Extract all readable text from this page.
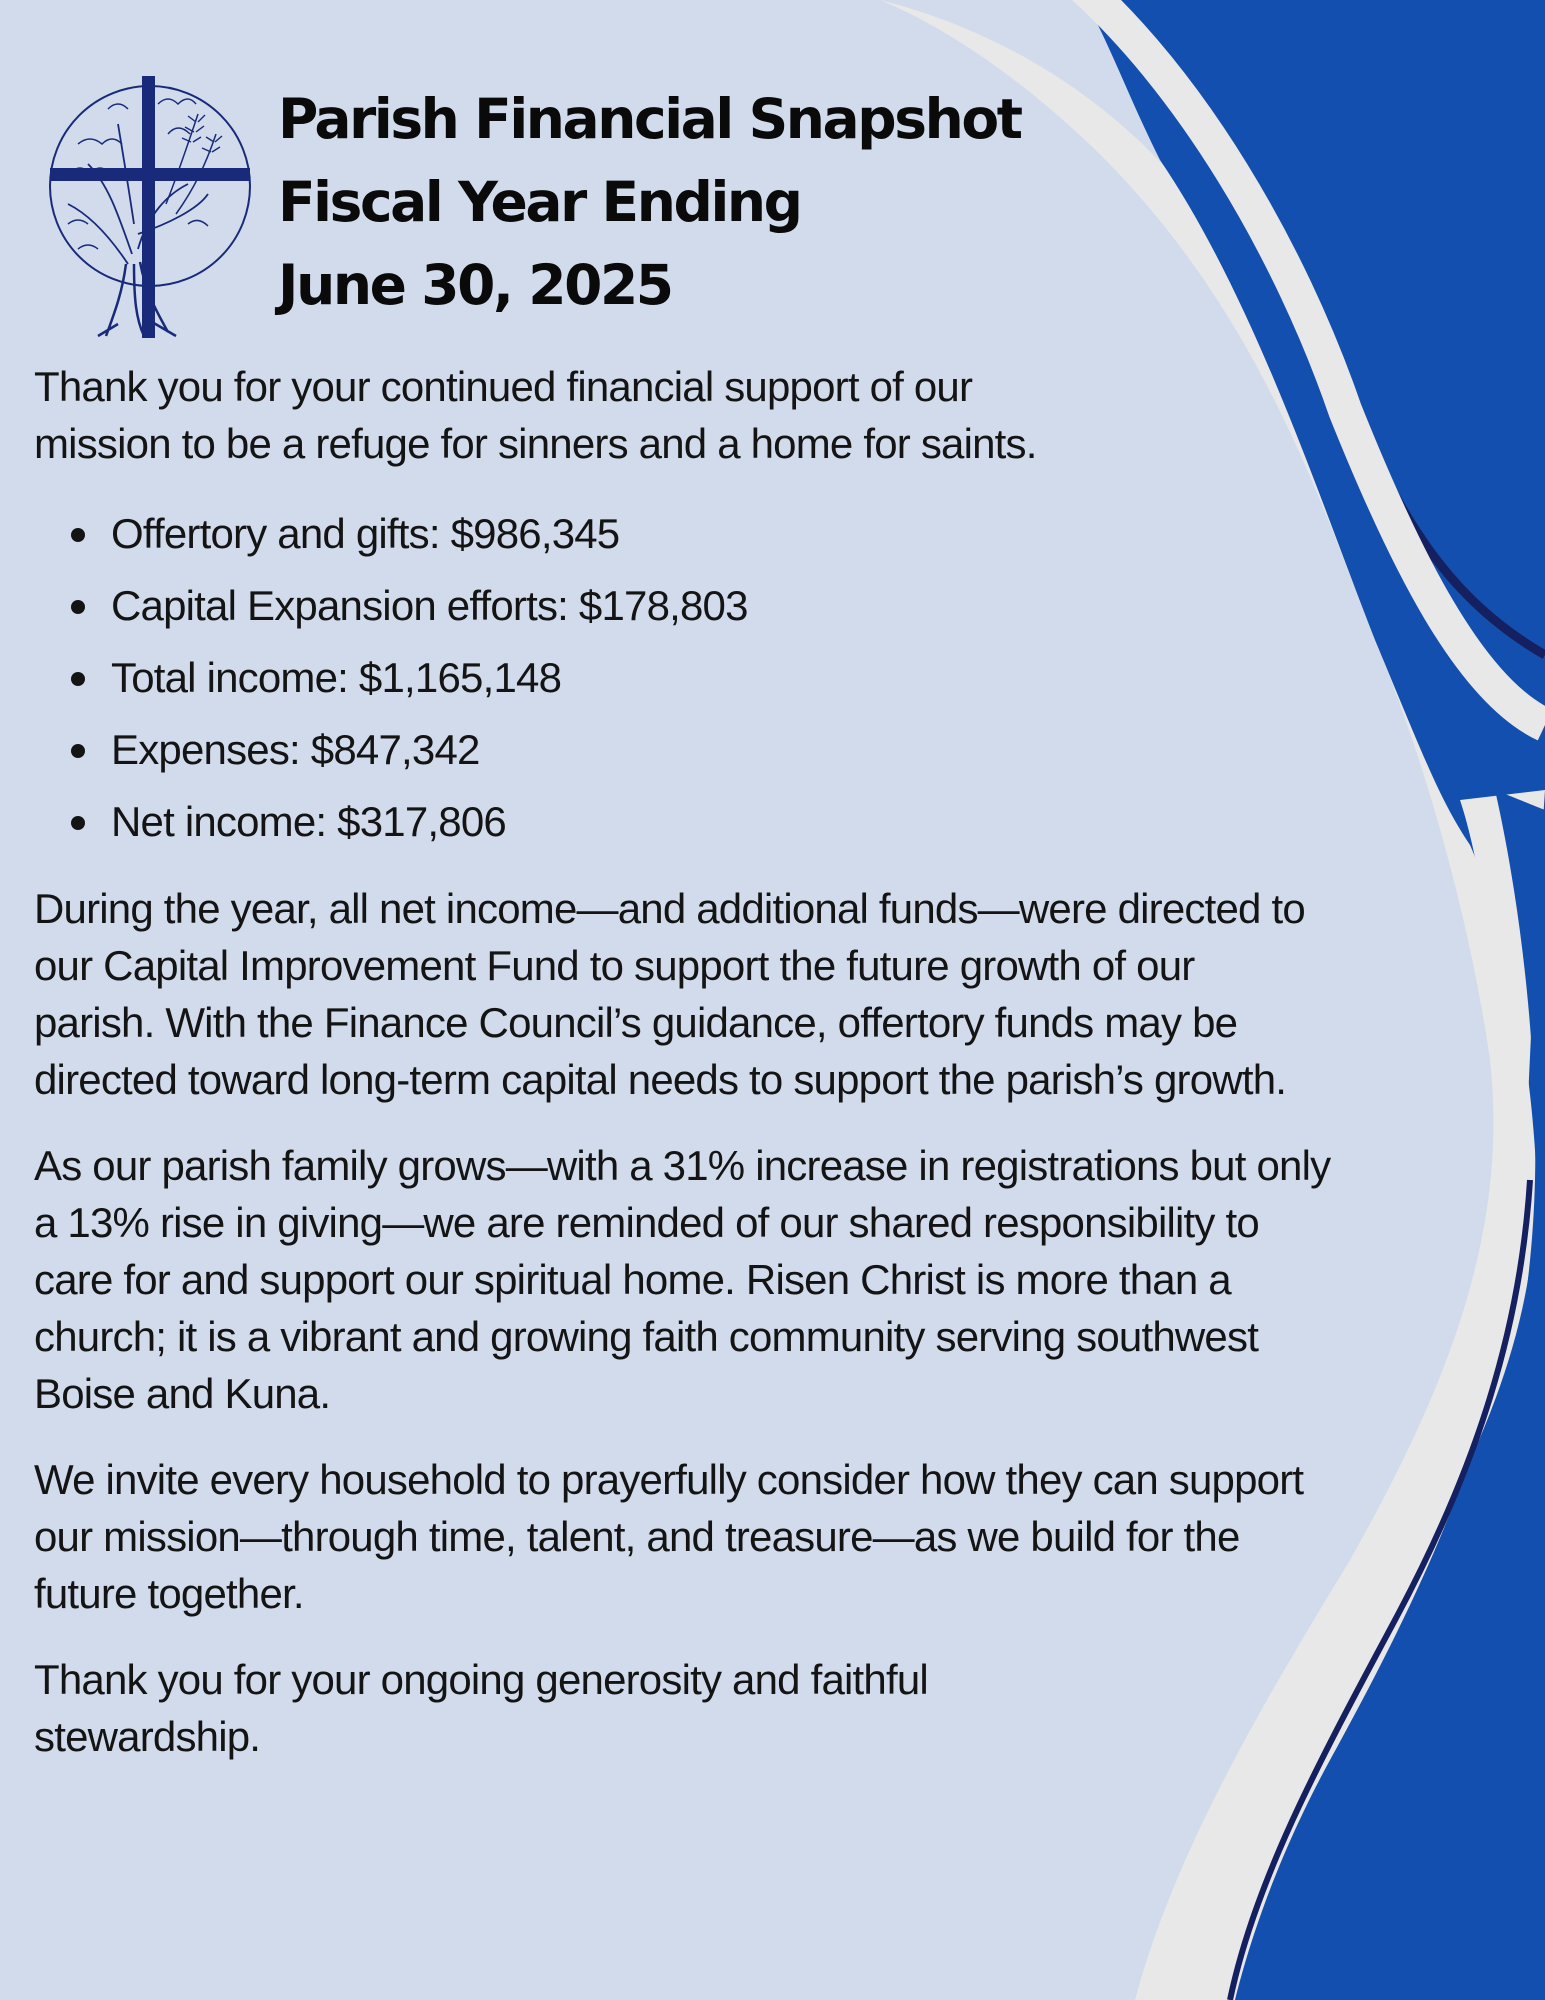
Parish Financial Snapshot
Fiscal Year Ending
June 30, 2025

Thank you for your continued financial support of our mission to be a refuge for sinners and a home for saints.

Offertory and gifts: $986,345
Capital Expansion efforts: $178,803
Total income: $1,165,148
Expenses: $847,342
Net income: $317,806

During the year, all net income—and additional funds—were directed to our Capital Improvement Fund to support the future growth of our parish. With the Finance Council’s guidance, offertory funds may be directed toward long-term capital needs to support the parish’s growth.

As our parish family grows—with a 31% increase in registrations but only a 13% rise in giving—we are reminded of our shared responsibility to care for and support our spiritual home. Risen Christ is more than a church; it is a vibrant and growing faith community serving southwest Boise and Kuna.

We invite every household to prayerfully consider how they can support our mission—through time, talent, and treasure—as we build for the future together.

Thank you for your ongoing generosity and faithful stewardship.
